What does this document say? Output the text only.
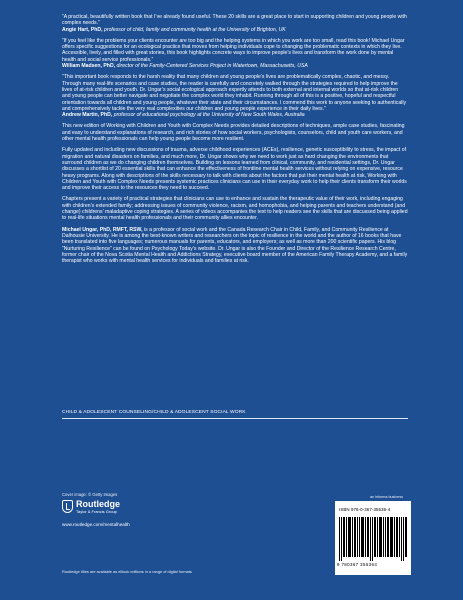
“A practical, beautifully written book that I’ve already found useful. These 20 skills are a great place to start in supporting children and young people with complex needs.”

Angie Hart, PhD, professor of child, family and community health at the University of Brighton, UK

“If you feel like the problems your clients encounter are too big and the helping systems in which you work are too small, read this book! Michael Ungar offers specific suggestions for an ecological practice that moves from helping individuals cope to changing the problematic contexts in which they live. Accessible, lively, and filled with great stories, this book highlights concrete ways to improve people’s lives and transform the work done by mental health and social service professionals.”

William Madsen, PhD, director of the Family-Centered Services Project in Watertown, Massachusetts, USA

“This important book responds to the harsh reality that many children and young people’s lives are problematically complex, chaotic, and messy. Through many real-life scenarios and case studies, the reader is carefully and concretely walked through the strategies required to help improve the lives of at-risk children and youth. Dr. Ungar’s social ecological approach expertly attends to both external and internal worlds so that at-risk children and young people can better navigate and negotiate the complex world they inhabit. Running through all of this is a positive, hopeful and respectful orientation towards all children and young people, whatever their state and their circumstances. I commend this work to anyone seeking to authentically and comprehensively tackle the very real complexities our children and young people experience in their daily lives.”

Andrew Martin, PhD, professor of educational psychology at the University of New South Wales, Australia

This new edition of Working with Children and Youth with Complex Needs provides detailed descriptions of techniques, ample case studies, fascinating and easy to understand explanations of research, and rich stories of how social workers, psychologists, counselors, child and youth care workers, and other mental health professionals can help young people become more resilient.

Fully updated and including new discussions of trauma, adverse childhood experiences (ACEs), resilience, genetic susceptibility to stress, the impact of migration and natural disasters on families, and much more, Dr. Ungar shows why we need to work just as hard changing the environments that surround children as we do changing children themselves. Building on lessons learned from clinical, community, and residential settings, Dr. Ungar discusses a shortlist of 20 essential skills that can enhance the effectiveness of frontline mental health services without relying on expensive, resource heavy programs. Along with descriptions of the skills necessary to talk with clients about the factors that put their mental health at risk, Working with Children and Youth with Complex Needs presents systemic practices clinicians can use in their everyday work to help their clients transform their worlds and improve their access to the resources they need to succeed.

Chapters present a variety of practical strategies that clinicians can use to enhance and sustain the therapeutic value of their work, including engaging with children’s extended family; addressing issues of community violence, racism, and homophobia, and helping parents and teachers understand (and change) childrens’ maladaptive coping strategies. A series of videos accompanies the text to help readers see the skills that are discussed being applied to real-life situations mental health professionals and their community allies encounter.

Michael Ungar, PhD, RMFT, RSW, is a professor of social work and the Canada Research Chair in Child, Family, and Community Resilience at Dalhousie University. He is among the best-known writers and researchers on the topic of resilience in the world and the author of 16 books that have been translated into five languages; numerous manuals for parents, educators, and employers; as well as more than 200 scientific papers. His blog “Nurturing Resilience” can be found on Psychology Today’s website. Dr. Ungar is also the Founder and Director of the Resilience Research Centre, former chair of the Nova Scotia Mental Health and Addictions Strategy, executive board member of the American Family Therapy Academy, and a family therapist who works with mental health services for individuals and families at risk.

CHILD & ADOLESCENT COUNSELING/CHILD & ADOLESCENT SOCIAL WORK
Cover image: © Getty Images
Routledge
Taylor & Francis Group
www.routledge.com/mentalhealth
Routledge titles are available as eBook editions in a range of digital formats
an informa business
ISBN 978-0-367-35536-4
9 780367 355364
